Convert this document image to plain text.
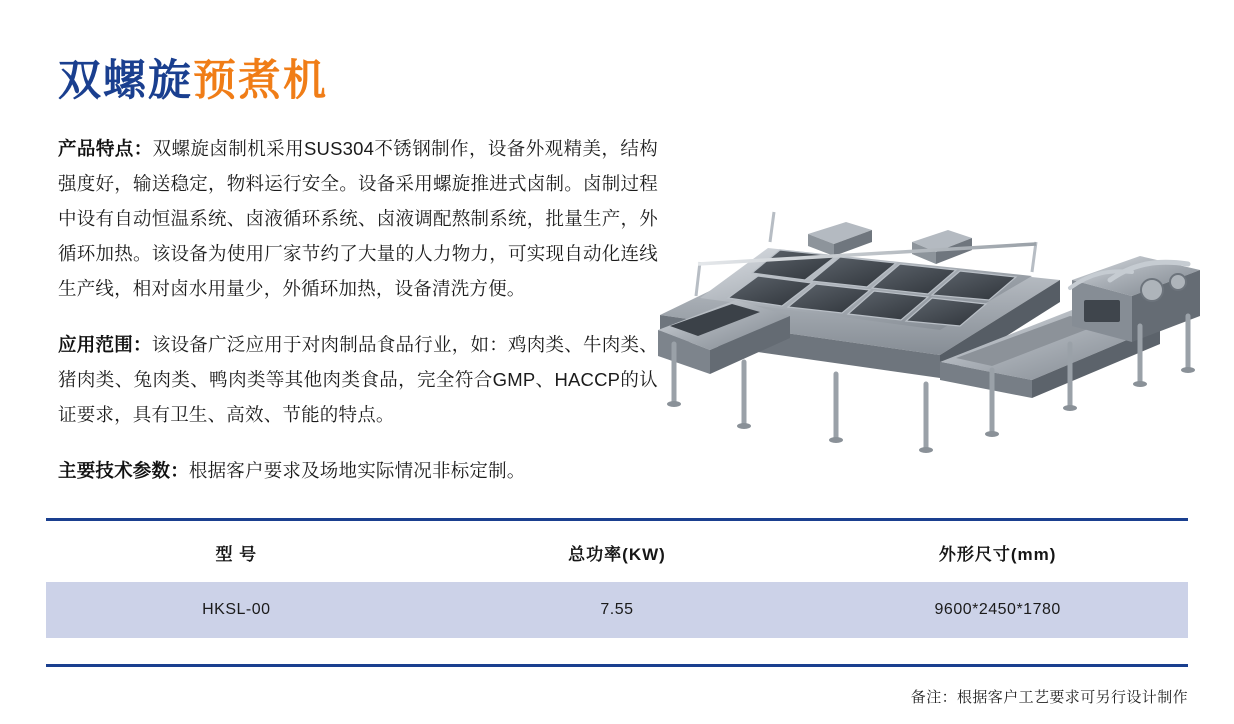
双螺旋预煮机

产品特点：双螺旋卤制机采用SUS304不锈钢制作，设备外观精美，结构强度好，输送稳定，物料运行安全。设备采用螺旋推进式卤制。卤制过程中设有自动恒温系统、卤液循环系统、卤液调配熬制系统，批量生产，外循环加热。该设备为使用厂家节约了大量的人力物力，可实现自动化连线生产线，相对卤水用量少，外循环加热，设备清洗方便。

应用范围：该设备广泛应用于对肉制品食品行业，如：鸡肉类、牛肉类、猪肉类、兔肉类、鸭肉类等其他肉类食品，完全符合GMP、HACCP的认证要求，具有卫生、高效、节能的特点。

主要技术参数：根据客户要求及场地实际情况非标定制。

型 号	总功率(KW)	外形尺寸(mm)
HKSL-00	7.55	9600*2450*1780

备注：根据客户工艺要求可另行设计制作
